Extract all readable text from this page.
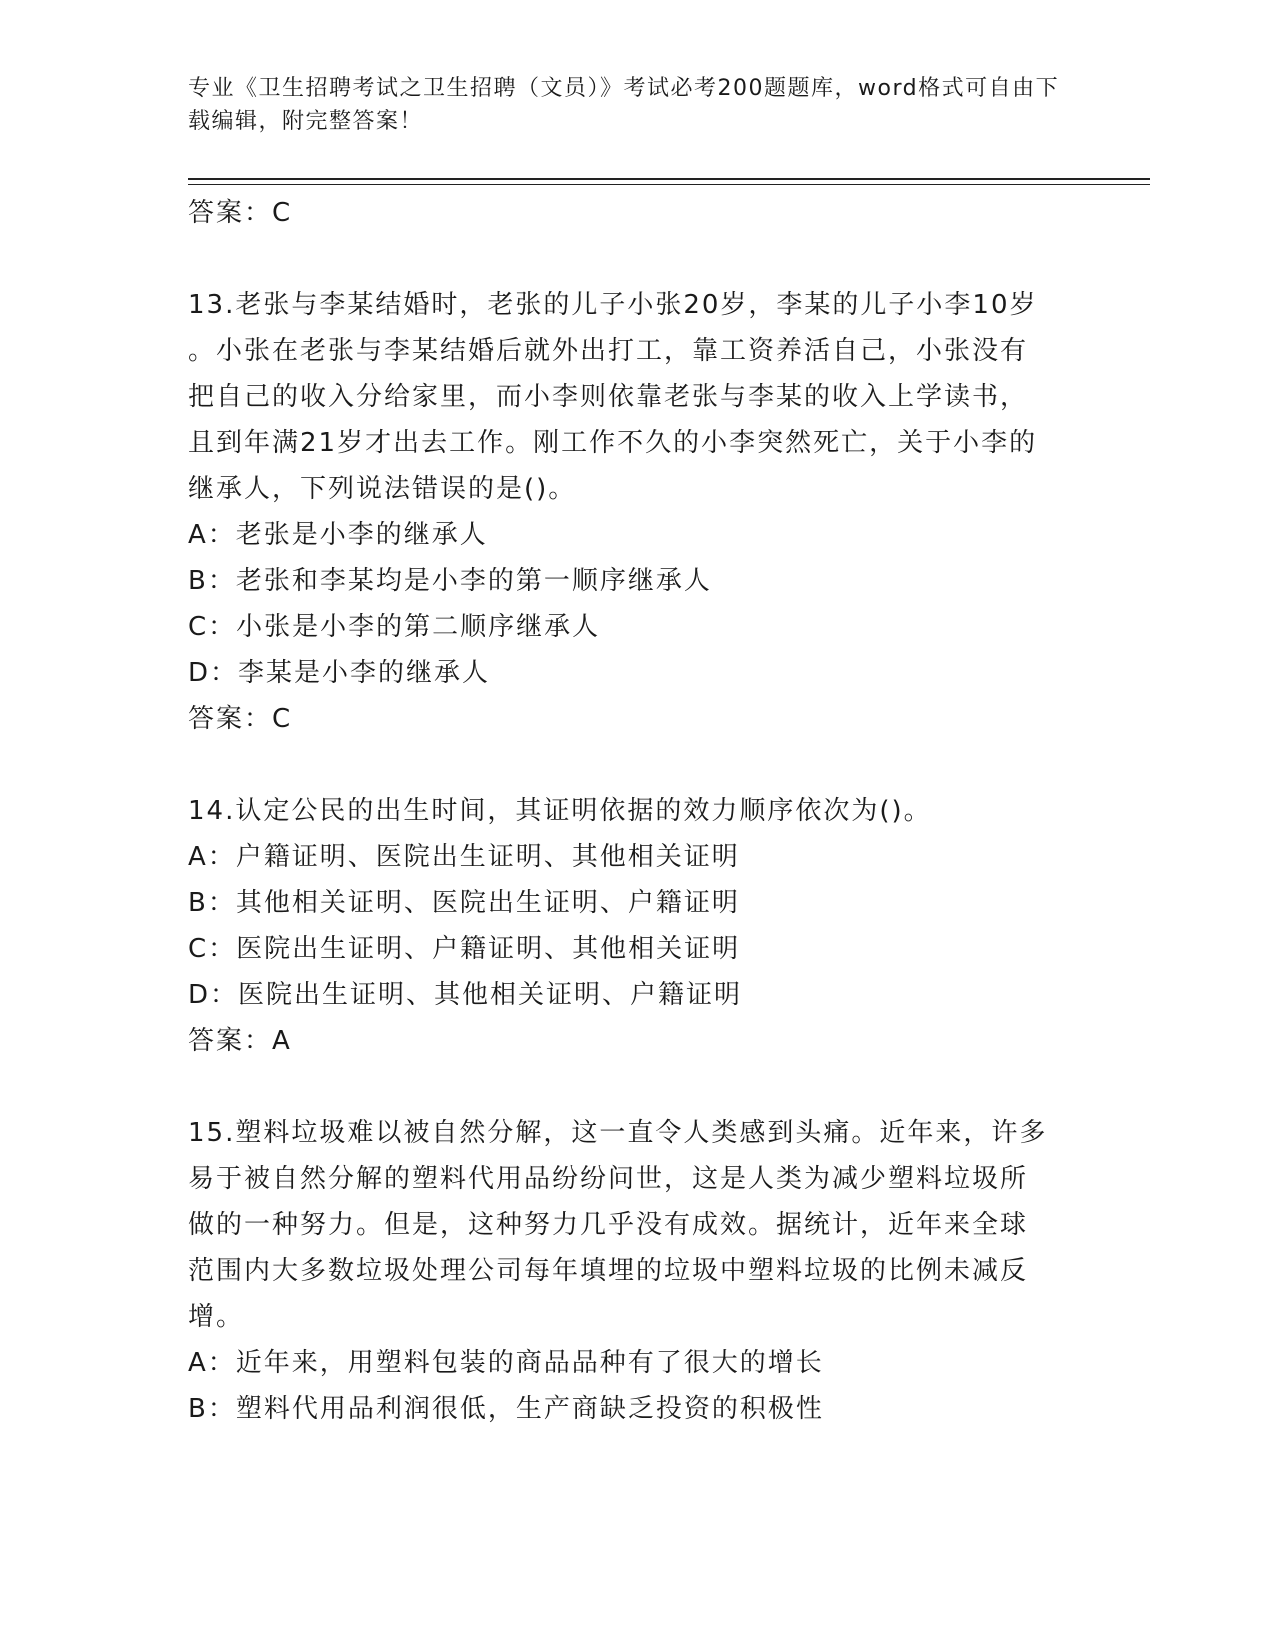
专业《卫生招聘考试之卫生招聘（文员）》考试必考200题题库，word格式可自由下载编辑，附完整答案！
答案：C
13.老张与李某结婚时，老张的儿子小张20岁，李某的儿子小李10岁
。小张在老张与李某结婚后就外出打工，靠工资养活自己，小张没有
把自己的收入分给家里，而小李则依靠老张与李某的收入上学读书，
且到年满21岁才出去工作。刚工作不久的小李突然死亡，关于小李的
继承人，下列说法错误的是()。
A：老张是小李的继承人
B：老张和李某均是小李的第一顺序继承人
C：小张是小李的第二顺序继承人
D：李某是小李的继承人
答案：C
14.认定公民的出生时间，其证明依据的效力顺序依次为()。
A：户籍证明、医院出生证明、其他相关证明
B：其他相关证明、医院出生证明、户籍证明
C：医院出生证明、户籍证明、其他相关证明
D：医院出生证明、其他相关证明、户籍证明
答案：A
15.塑料垃圾难以被自然分解，这一直令人类感到头痛。近年来，许多
易于被自然分解的塑料代用品纷纷问世，这是人类为减少塑料垃圾所
做的一种努力。但是，这种努力几乎没有成效。据统计，近年来全球
范围内大多数垃圾处理公司每年填埋的垃圾中塑料垃圾的比例未减反
增。
A：近年来，用塑料包装的商品品种有了很大的增长
B：塑料代用品利润很低，生产商缺乏投资的积极性
